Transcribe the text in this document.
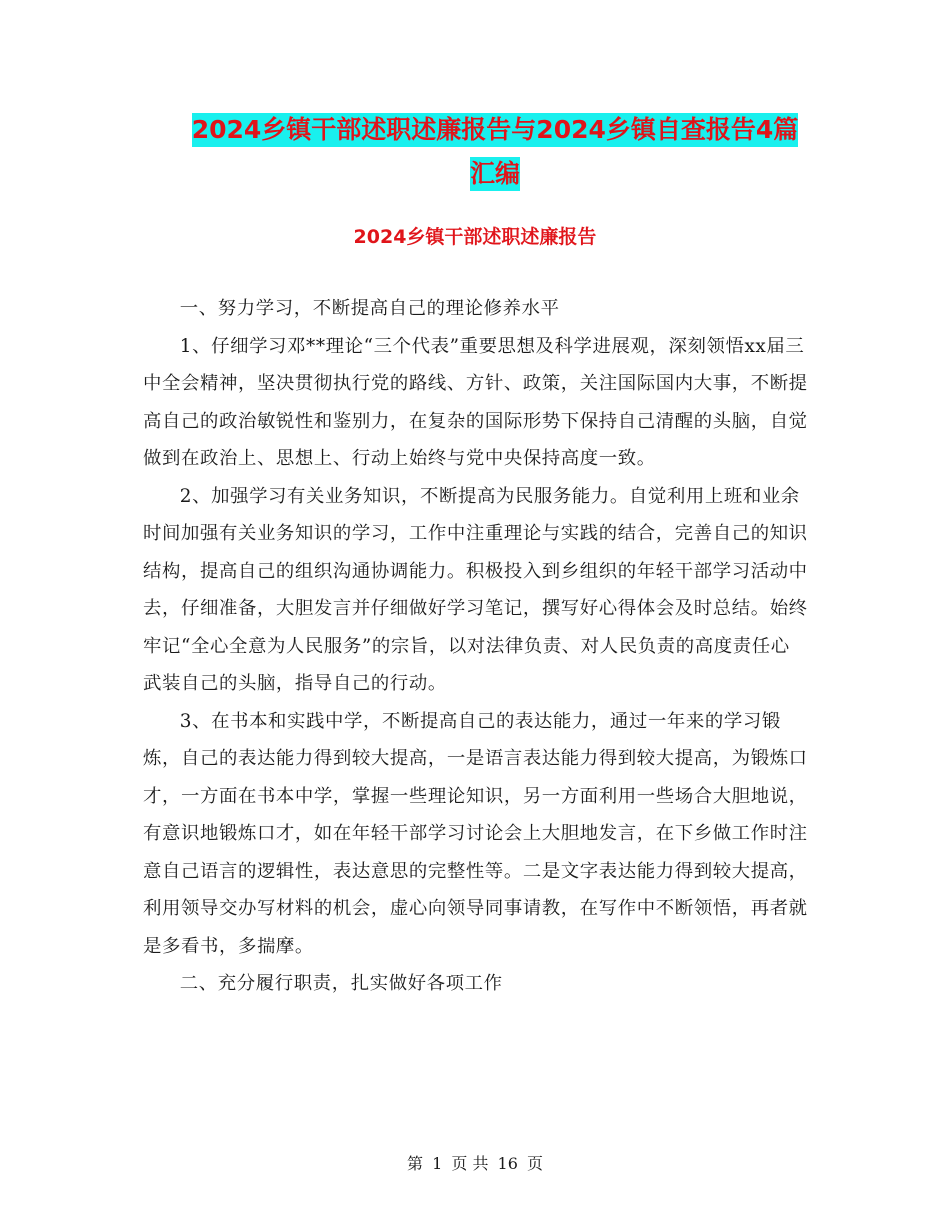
2024乡镇干部述职述廉报告与2024乡镇自查报告4篇
汇编
2024乡镇干部述职述廉报告

一、努力学习，不断提高自己的理论修养水平

1、仔细学习邓**理论“三个代表”重要思想及科学进展观，深刻领悟xx届三中全会精神，坚决贯彻执行党的路线、方针、政策，关注国际国内大事，不断提高自己的政治敏锐性和鉴别力，在复杂的国际形势下保持自己清醒的头脑，自觉做到在政治上、思想上、行动上始终与党中央保持高度一致。

2、加强学习有关业务知识，不断提高为民服务能力。自觉利用上班和业余时间加强有关业务知识的学习，工作中注重理论与实践的结合，完善自己的知识结构，提高自己的组织沟通协调能力。积极投入到乡组织的年轻干部学习活动中去，仔细准备，大胆发言并仔细做好学习笔记，撰写好心得体会及时总结。始终牢记“全心全意为人民服务”的宗旨，以对法律负责、对人民负责的高度责任心武装自己的头脑，指导自己的行动。

3、在书本和实践中学，不断提高自己的表达能力，通过一年来的学习锻炼，自己的表达能力得到较大提高，一是语言表达能力得到较大提高，为锻炼口才，一方面在书本中学，掌握一些理论知识，另一方面利用一些场合大胆地说，有意识地锻炼口才，如在年轻干部学习讨论会上大胆地发言，在下乡做工作时注意自己语言的逻辑性，表达意思的完整性等。二是文字表达能力得到较大提高，利用领导交办写材料的机会，虚心向领导同事请教，在写作中不断领悟，再者就是多看书，多揣摩。

二、充分履行职责，扎实做好各项工作

第 1 页 共 16 页
